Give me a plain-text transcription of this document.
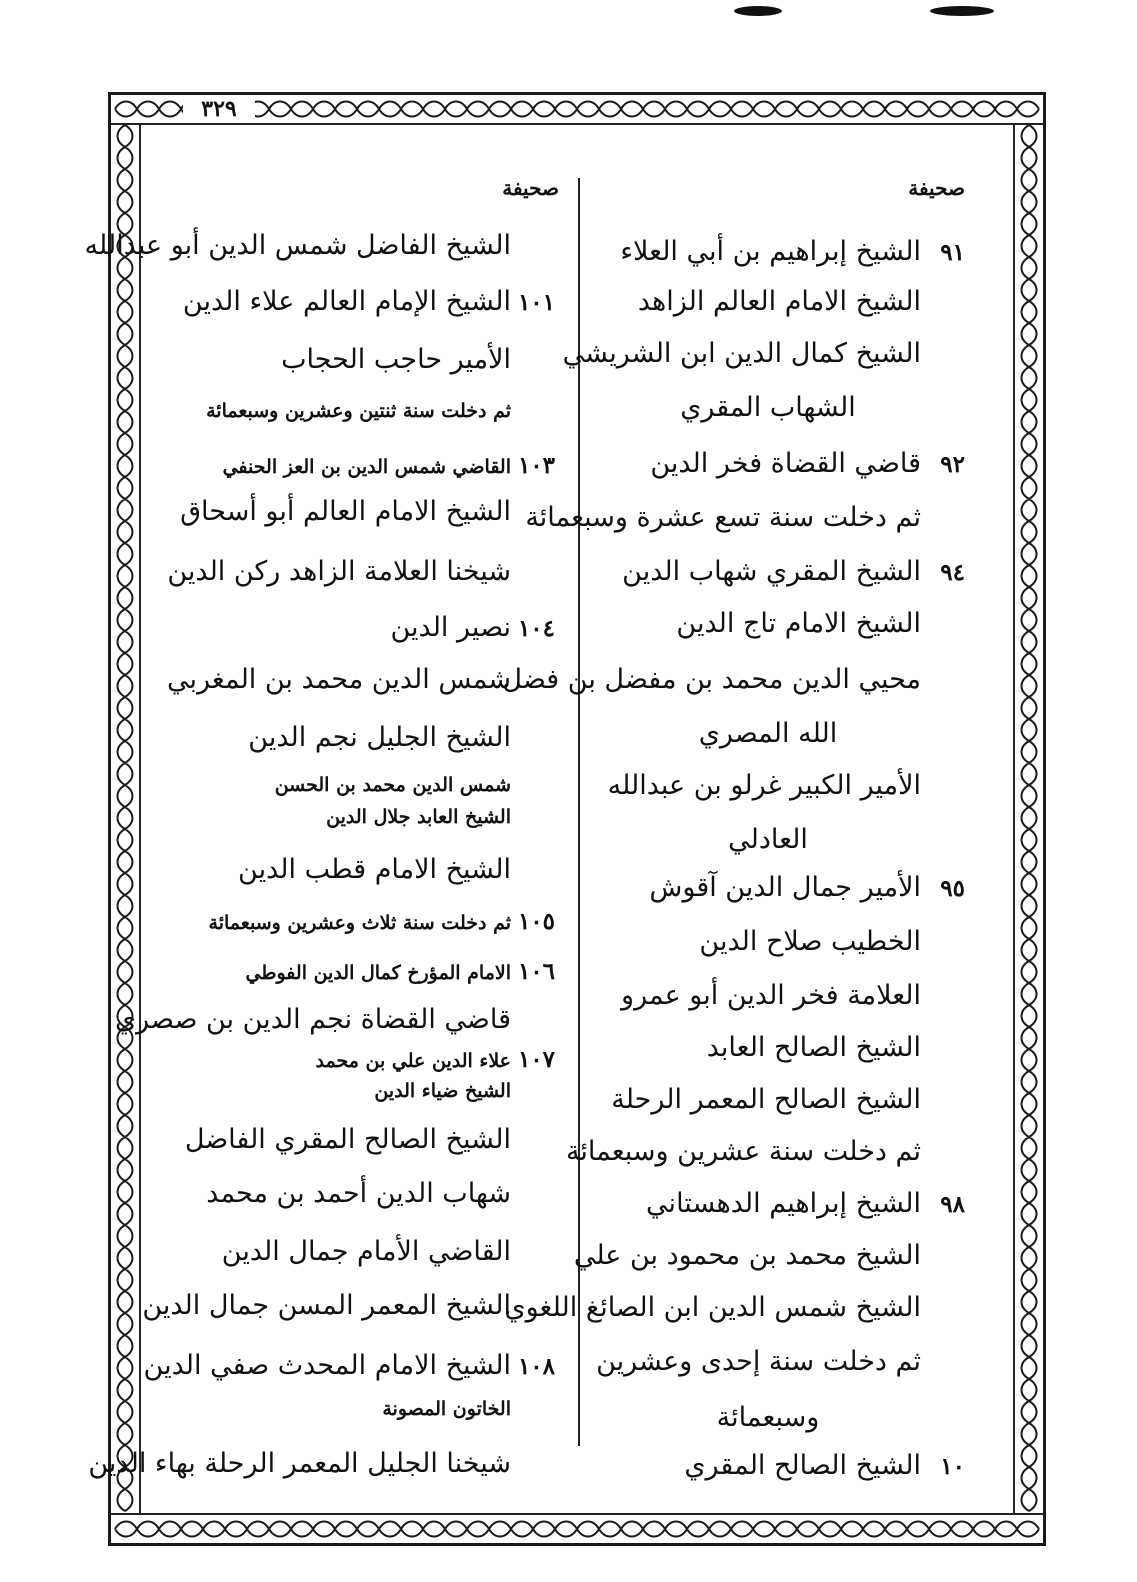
٣٢٩
صحيفة
صحيفة
٩١
الشيخ إبراهيم بن أبي العلاء
الشيخ الامام العالم الزاهد
الشيخ كمال الدين ابن الشريشي
الشهاب المقري
٩٢
قاضي القضاة فخر الدين
ثم دخلت سنة تسع عشرة وسبعمائة
٩٤
الشيخ المقري شهاب الدين
الشيخ الامام تاج الدين
محيي الدين محمد بن مفضل بن فضل
الله المصري
الأمير الكبير غرلو بن عبدالله
العادلي
٩٥
الأمير جمال الدين آقوش
الخطيب صلاح الدين
العلامة فخر الدين أبو عمرو
الشيخ الصالح العابد
الشيخ الصالح المعمر الرحلة
ثم دخلت سنة عشرين وسبعمائة
٩٨
الشيخ إبراهيم الدهستاني
الشيخ محمد بن محمود بن علي
الشيخ شمس الدين ابن الصائغ اللغوي
ثم دخلت سنة إحدى وعشرين
وسبعمائة
١٠
الشيخ الصالح المقري
الشيخ الفاضل شمس الدين أبو عبدالله
١٠١
الشيخ الإمام العالم علاء الدين
الأمير حاجب الحجاب
ثم دخلت سنة ثنتين وعشرين وسبعمائة
١٠٣
القاضي شمس الدين بن العز الحنفي
الشيخ الامام العالم أبو أسحاق
شيخنا العلامة الزاهد ركن الدين
١٠٤
نصير الدين
شمس الدين محمد بن المغربي
الشيخ الجليل نجم الدين
شمس الدين محمد بن الحسن
الشيخ العابد جلال الدين
الشيخ الامام قطب الدين
١٠٥
ثم دخلت سنة ثلاث وعشرين وسبعمائة
١٠٦
الامام المؤرخ كمال الدين الفوطي
قاضي القضاة نجم الدين بن صصري
١٠٧
علاء الدين علي بن محمد
الشيخ ضياء الدين
الشيخ الصالح المقري الفاضل
شهاب الدين أحمد بن محمد
القاضي الأمام جمال الدين
الشيخ المعمر المسن جمال الدين
١٠٨
الشيخ الامام المحدث صفي الدين
الخاتون المصونة
شيخنا الجليل المعمر الرحلة بهاء الدين
